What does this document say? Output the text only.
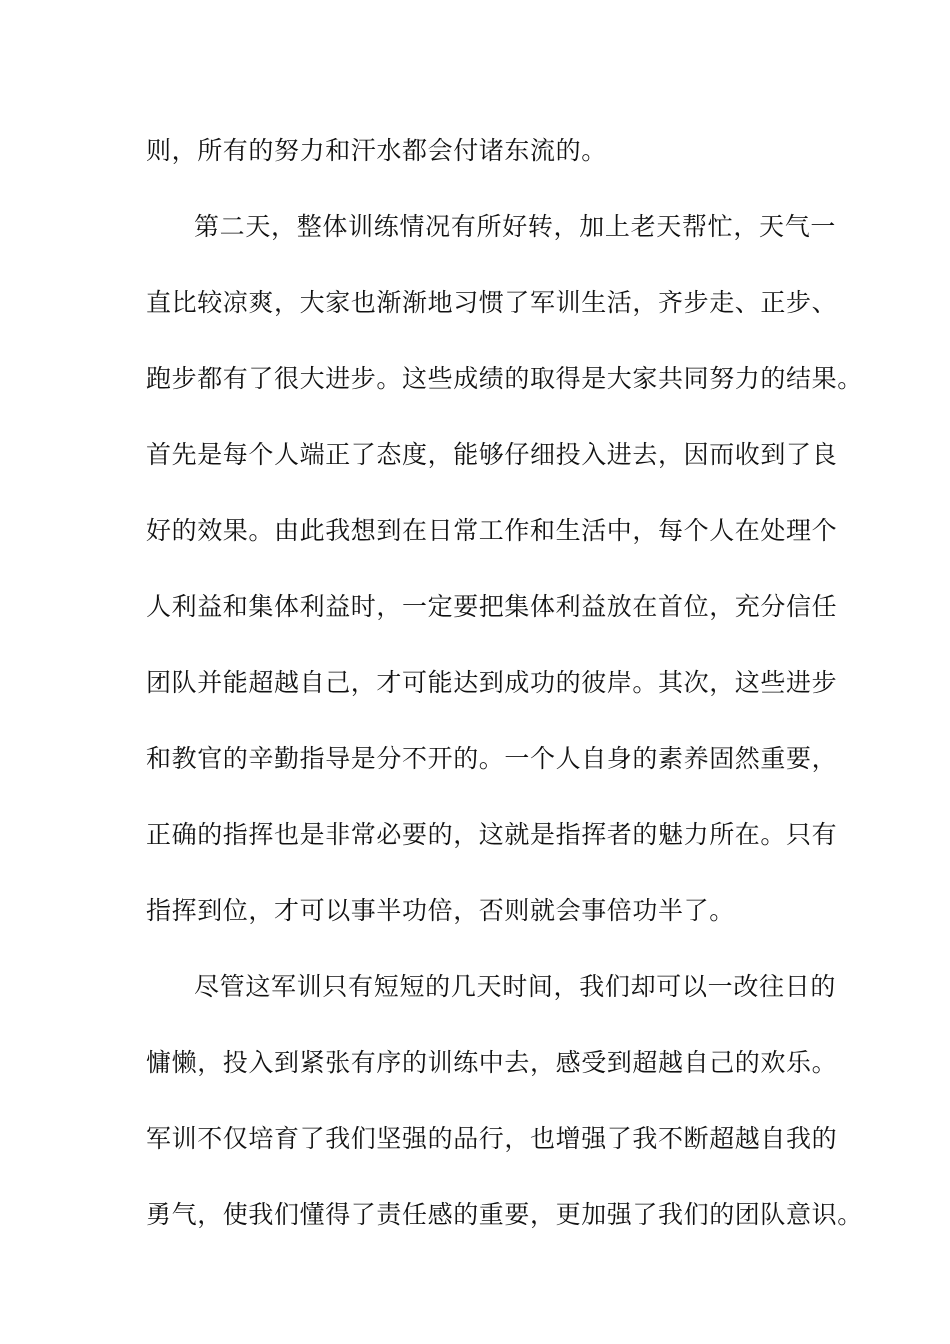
则，所有的努力和汗水都会付诸东流的。
第二天，整体训练情况有所好转，加上老天帮忙，天气一
直比较凉爽，大家也渐渐地习惯了军训生活，齐步走、正步、
跑步都有了很大进步。这些成绩的取得是大家共同努力的结果。
首先是每个人端正了态度，能够仔细投入进去，因而收到了良
好的效果。由此我想到在日常工作和生活中，每个人在处理个
人利益和集体利益时，一定要把集体利益放在首位，充分信任
团队并能超越自己，才可能达到成功的彼岸。其次，这些进步
和教官的辛勤指导是分不开的。一个人自身的素养固然重要，
正确的指挥也是非常必要的，这就是指挥者的魅力所在。只有
指挥到位，才可以事半功倍，否则就会事倍功半了。
尽管这军训只有短短的几天时间，我们却可以一改往日的
慵懒，投入到紧张有序的训练中去，感受到超越自己的欢乐。
军训不仅培育了我们坚强的品行，也增强了我不断超越自我的
勇气，使我们懂得了责任感的重要，更加强了我们的团队意识。
